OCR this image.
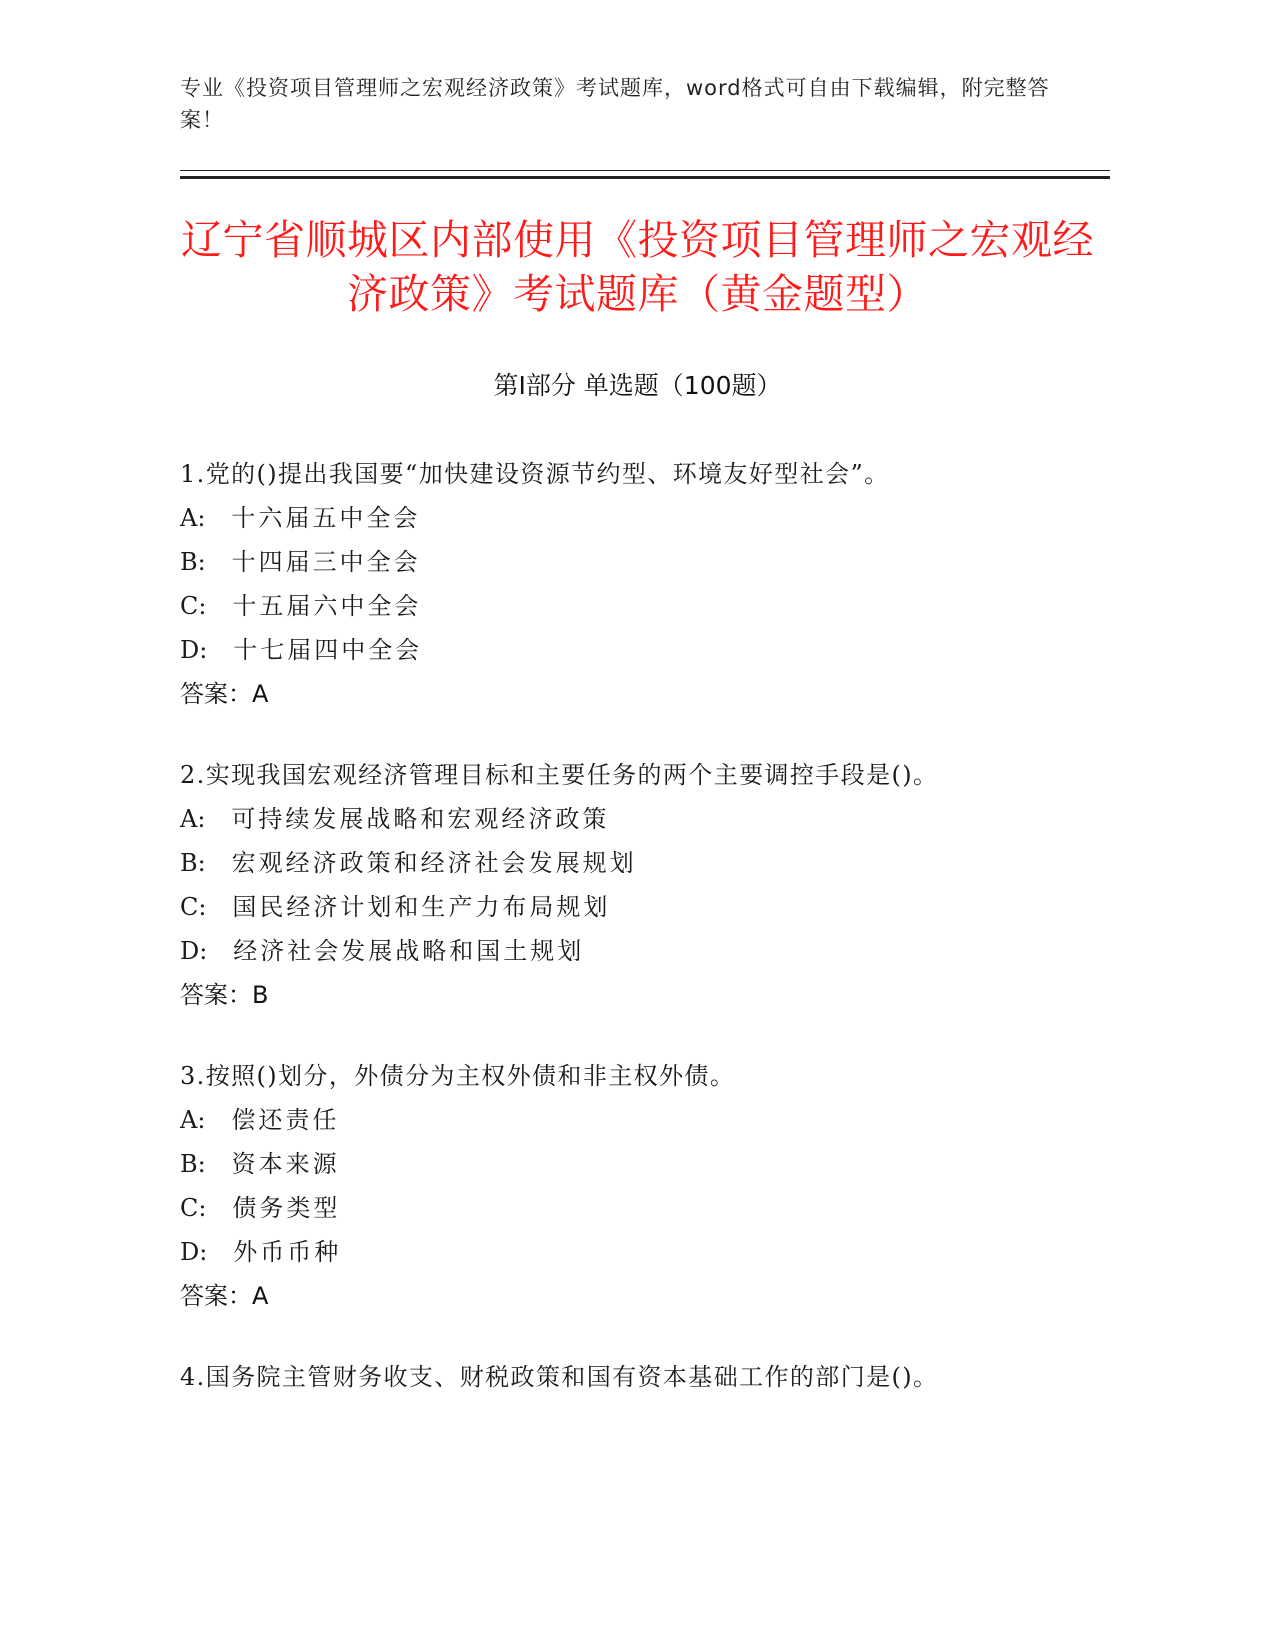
专业《投资项目管理师之宏观经济政策》考试题库，word格式可自由下载编辑，附完整答案！
辽宁省顺城区内部使用《投资项目管理师之宏观经济政策》考试题库（黄金题型）
第Ⅰ部分 单选题（100题）
1.党的()提出我国要“加快建设资源节约型、环境友好型社会”。
A: 十六届五中全会
B: 十四届三中全会
C: 十五届六中全会
D: 十七届四中全会
答案：A
2.实现我国宏观经济管理目标和主要任务的两个主要调控手段是()。
A: 可持续发展战略和宏观经济政策
B: 宏观经济政策和经济社会发展规划
C: 国民经济计划和生产力布局规划
D: 经济社会发展战略和国土规划
答案：B
3.按照()划分，外债分为主权外债和非主权外债。
A: 偿还责任
B: 资本来源
C: 债务类型
D: 外币币种
答案：A
4.国务院主管财务收支、财税政策和国有资本基础工作的部门是()。
